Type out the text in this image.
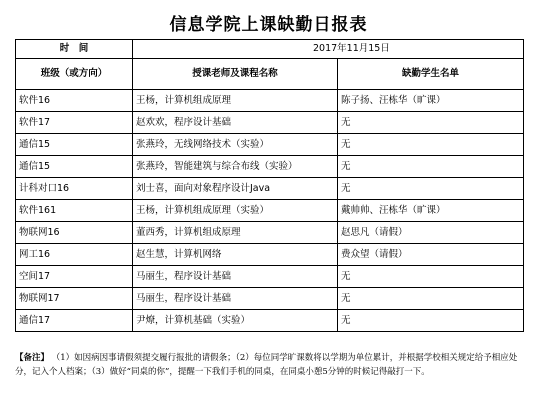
信息学院上课缺勤日报表
时　间	2017年11月15日	
班级（或方向）	授课老师及课程名称	缺勤学生名单
软件16	王杨，计算机组成原理	陈子扬、汪栋华（旷课）
软件17	赵欢欢，程序设计基础	无
通信15	张燕玲，无线网络技术（实验）	无
通信15	张燕玲，智能建筑与综合布线（实验）	无
计科对口16	刘士喜，面向对象程序设计Java	无
软件161	王杨，计算机组成原理（实验）	戴帅帅、汪栋华（旷课）
物联网16	董西秀，计算机组成原理	赵思凡（请假）
网工16	赵生慧，计算机网络	费众望（请假）
空间17	马丽生，程序设计基础	无
物联网17	马丽生，程序设计基础	无
通信17	尹燎，计算机基础（实验）	无
【备注】 （1）如因病因事请假须提交履行报批的请假条；（2）每位同学旷课数将以学期为单位累计，并根据学校相关规定给予相应处分，记入个人档案；（3）做好“同桌的你”，提醒一下我们手机的同桌，在同桌小憩5分钟的时候记得敲打一下。
